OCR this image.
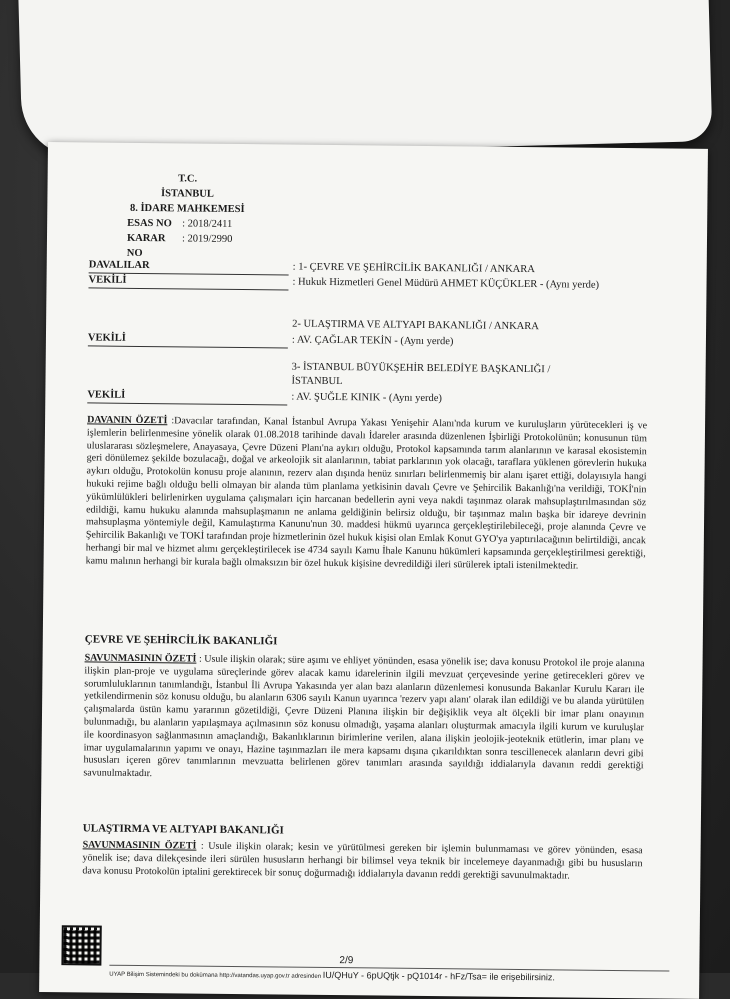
T.C.
İSTANBUL
8. İDARE MAHKEMESİ
ESAS NO : 2018/2411
KARAR NO
: 2019/2990
DAVALILAR	: 1- ÇEVRE VE ŞEHİRCİLİK BAKANLIĞI / ANKARA
VEKİLİ	: Hukuk Hizmetleri Genel Müdürü AHMET KÜÇÜKLER - (Aynı yerde)
2- ULAŞTIRMA VE ALTYAPI BAKANLIĞI / ANKARA
VEKİLİ	: AV. ÇAĞLAR TEKİN - (Aynı yerde)
3- İSTANBUL BÜYÜKŞEHİR BELEDİYE BAŞKANLIĞI / İSTANBUL
VEKİLİ	: AV. ŞUĞLE KINIK - (Aynı yerde)
DAVANIN ÖZETİ :Davacılar tarafından, Kanal İstanbul Avrupa Yakası Yenişehir Alanı'nda kurum ve kuruluşların yürütecekleri iş ve işlemlerin belirlenmesine yönelik olarak 01.08.2018 tarihinde davalı İdareler arasında düzenlenen İşbirliği Protokolünün; konusunun tüm uluslararası sözleşmelere, Anayasaya, Çevre Düzeni Planı'na aykırı olduğu, Protokol kapsamında tarım alanlarının ve karasal ekosistemin geri dönülemez şekilde bozulacağı, doğal ve arkeolojik sit alanlarının, tabiat parklarının yok olacağı, taraflara yüklenen görevlerin hukuka aykırı olduğu, Protokolün konusu proje alanının, rezerv alan dışında henüz sınırları belirlenmemiş bir alanı işaret ettiği, dolayısıyla hangi hukuki rejime bağlı olduğu belli olmayan bir alanda tüm planlama yetkisinin davalı Çevre ve Şehircilik Bakanlığı'na verildiği, TOKİ'nin yükümlülükleri belirlenirken uygulama çalışmaları için harcanan bedellerin ayni veya nakdi taşınmaz olarak mahsuplaştırılmasından söz edildiği, kamu hukuku alanında mahsuplaşmanın ne anlama geldiğinin belirsiz olduğu, bir taşınmaz malın başka bir idareye devrinin mahsuplaşma yöntemiyle değil, Kamulaştırma Kanunu'nun 30. maddesi hükmü uyarınca gerçekleştirilebileceği, proje alanında Çevre ve Şehircilik Bakanlığı ve TOKİ tarafından proje hizmetlerinin özel hukuk kişisi olan Emlak Konut GYO'ya yaptırılacağının belirtildiği, ancak herhangi bir mal ve hizmet alımı gerçekleştirilecek ise 4734 sayılı Kamu İhale Kanunu hükümleri kapsamında gerçekleştirilmesi gerektiği, kamu malının herhangi bir kurala bağlı olmaksızın bir özel hukuk kişisine devredildiği ileri sürülerek iptali istenilmektedir.
ÇEVRE VE ŞEHİRCİLİK BAKANLIĞI
SAVUNMASININ ÖZETİ : Usule ilişkin olarak; süre aşımı ve ehliyet yönünden, esasa yönelik ise; dava konusu Protokol ile proje alanına ilişkin plan-proje ve uygulama süreçlerinde görev alacak kamu idarelerinin ilgili mevzuat çerçevesinde yerine getirecekleri görev ve sorumluluklarının tanımlandığı, İstanbul İli Avrupa Yakasında yer alan bazı alanların düzenlemesi konusunda Bakanlar Kurulu Kararı ile yetkilendirmenin söz konusu olduğu, bu alanların 6306 sayılı Kanun uyarınca 'rezerv yapı alanı' olarak ilan edildiği ve bu alanda yürütülen çalışmalarda üstün kamu yararının gözetildiği, Çevre Düzeni Planına ilişkin bir değişiklik veya alt ölçekli bir imar planı onayının bulunmadığı, bu alanların yapılaşmaya açılmasının söz konusu olmadığı, yaşama alanları oluşturmak amacıyla ilgili kurum ve kuruluşlar ile koordinasyon sağlanmasının amaçlandığı, Bakanlıklarının birimlerine verilen, alana ilişkin jeolojik-jeoteknik etütlerin, imar planı ve imar uygulamalarının yapımı ve onayı, Hazine taşınmazları ile mera kapsamı dışına çıkarıldıktan sonra tescillenecek alanların devri gibi hususları içeren görev tanımlarının mevzuatta belirlenen görev tanımları arasında sayıldığı iddialarıyla davanın reddi gerektiği savunulmaktadır.
ULAŞTIRMA VE ALTYAPI BAKANLIĞI
SAVUNMASININ ÖZETİ : Usule ilişkin olarak; kesin ve yürütülmesi gereken bir işlemin bulunmaması ve görev yönünden, esasa yönelik ise; dava dilekçesinde ileri sürülen hususların herhangi bir bilimsel veya teknik bir incelemeye dayanmadığı gibi bu hususların dava konusu Protokolün iptalini gerektirecek bir sonuç doğurmadığı iddialarıyla davanın reddi gerektiği savunulmaktadır.
2/9
UYAP Bilişim Sistemindeki bu dokümana http://vatandas.uyap.gov.tr adresinden IU/QHuY - 6pUQtjk - pQ1014r - hFz/Tsa= ile erişebilirsiniz.
